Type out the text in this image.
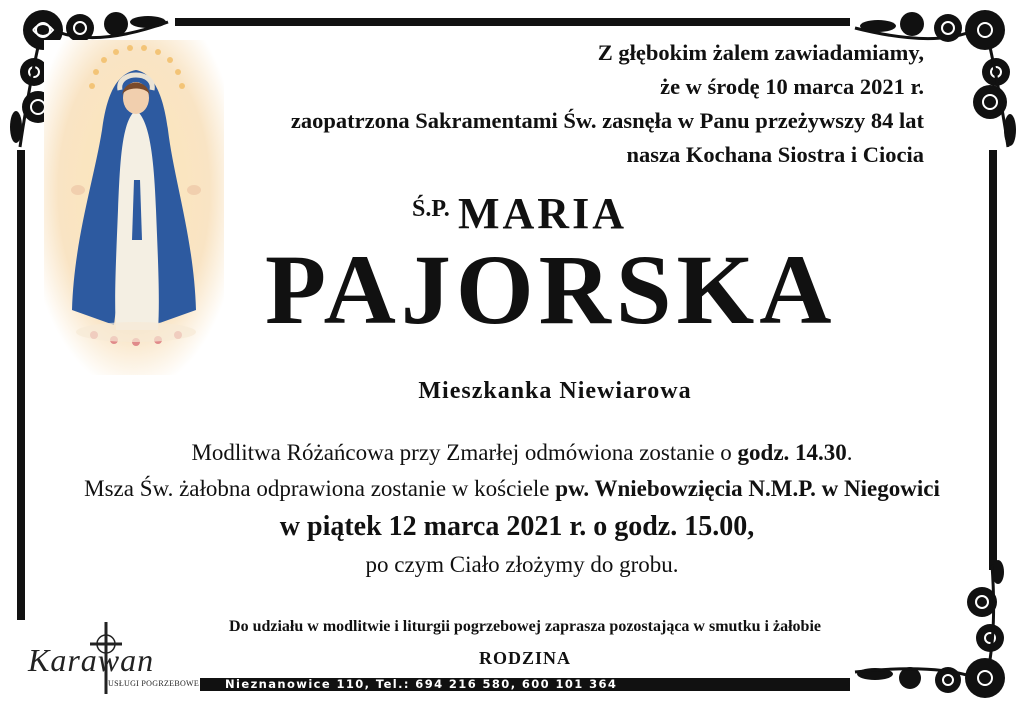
Z głębokim żalem zawiadamiamy,
że w środę 10 marca 2021 r.
zaopatrzona Sakramentami Św. zasnęła w Panu przeżywszy 84 lat
nasza Kochana Siostra i Ciocia
Ś.P. MARIA
PAJORSKA
Mieszkanka Niewiarowa
Modlitwa Różańcowa przy Zmarłej odmówiona zostanie o godz. 14.30.
Msza Św. żałobna odprawiona zostanie w kościele pw. Wniebowzięcia N.M.P. w Niegowici
w piątek 12 marca 2021 r. o godz. 15.00,
po czym Ciało złożymy do grobu.
Do udziału w modlitwie i liturgii pogrzebowej zaprasza pozostająca w smutku i żałobie
RODZINA
Karawan
USŁUGI POGRZEBOWE Nieznanowice 110, Tel.: 694 216 580, 600 101 364
